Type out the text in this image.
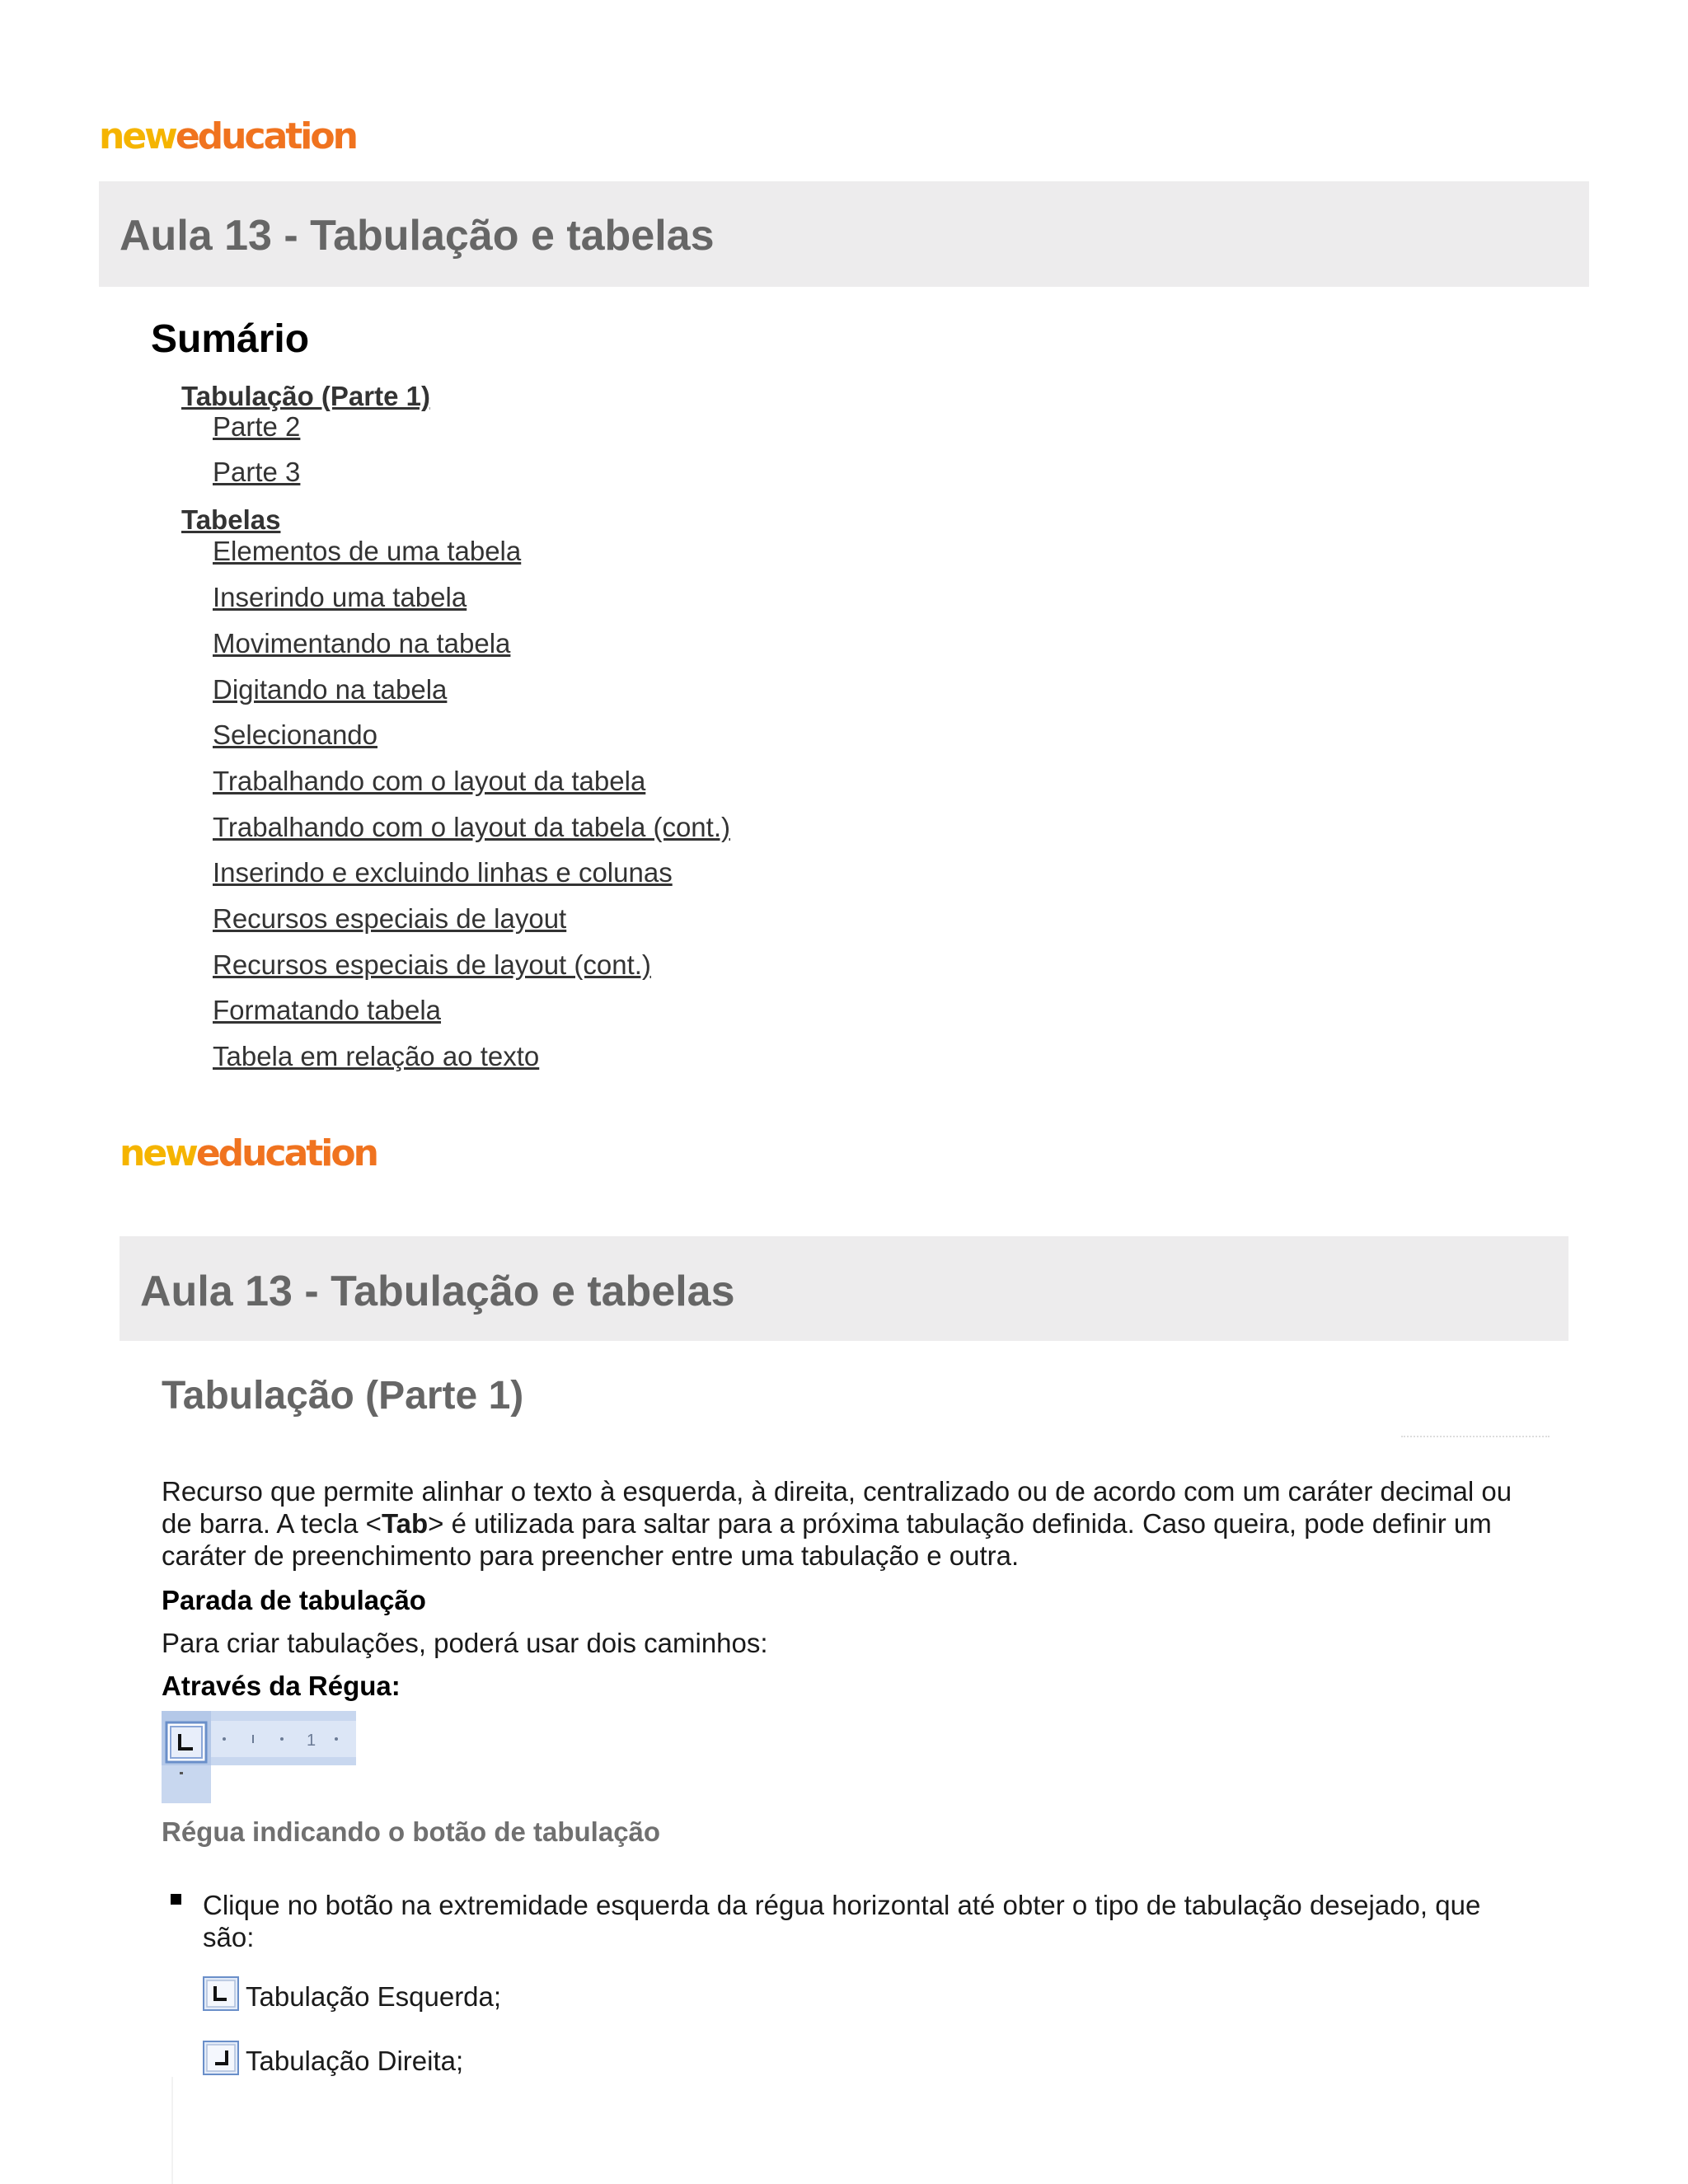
neweducation
Aula 13 - Tabulação e tabelas
Sumário
Tabulação (Parte 1)
Parte 2
Parte 3
Tabelas
Elementos de uma tabela
Inserindo uma tabela
Movimentando na tabela
Digitando na tabela
Selecionando
Trabalhando com o layout da tabela
Trabalhando com o layout da tabela (cont.)
Inserindo e excluindo linhas e colunas
Recursos especiais de layout
Recursos especiais de layout (cont.)
Formatando tabela
Tabela em relação ao texto
neweducation
Aula 13 - Tabulação e tabelas
Tabulação (Parte 1)

Recurso que permite alinhar o texto à esquerda, à direita, centralizado ou de acordo com um caráter decimal ou de barra. A tecla <Tab> é utilizada para saltar para a próxima tabulação definida. Caso queira, pode definir um caráter de preenchimento para preencher entre uma tabulação e outra.

Parada de tabulação

Para criar tabulações, poderá usar dois caminhos:

Através da Régua:

1
Régua indicando o botão de tabulação

Clique no botão na extremidade esquerda da régua horizontal até obter o tipo de tabulação desejado, que são:

Tabulação Esquerda;
Tabulação Direita;
